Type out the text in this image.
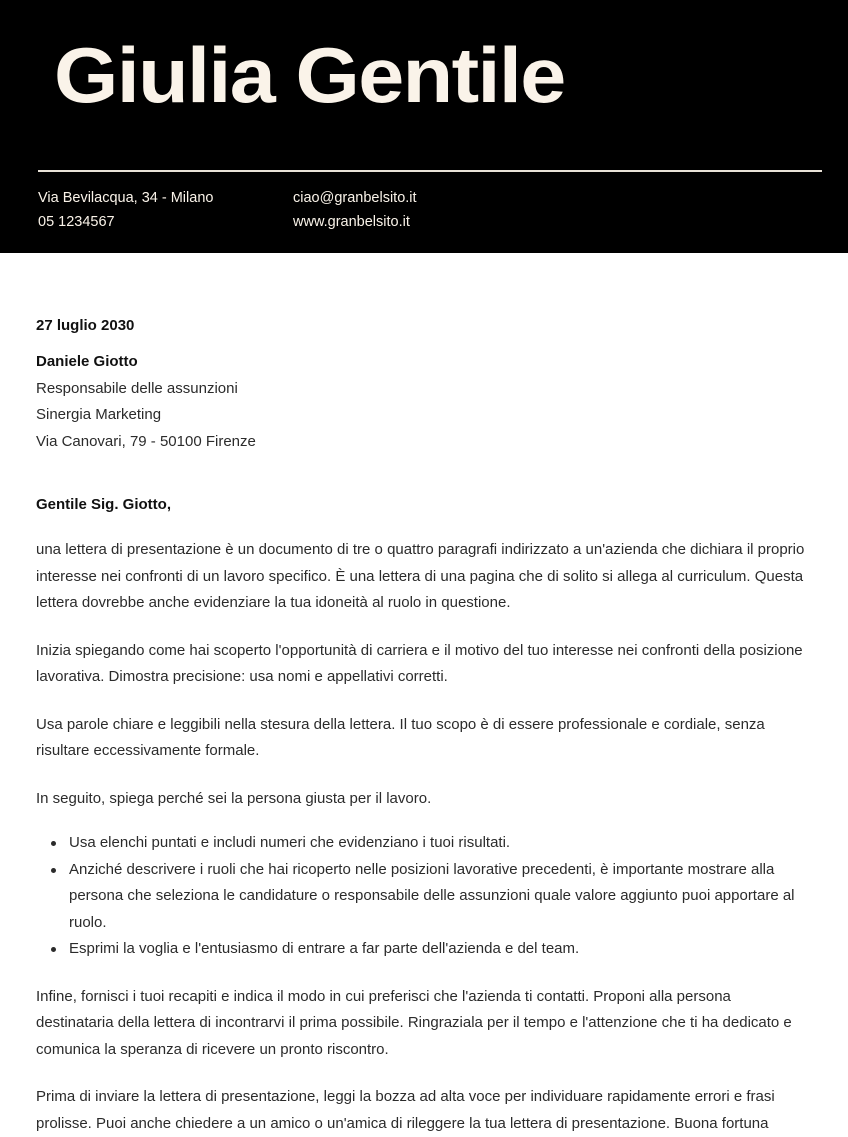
Giulia Gentile
Via Bevilacqua, 34 - Milano
05 1234567
ciao@granbelsito.it
www.granbelsito.it
27 luglio 2030
Daniele Giotto
Responsabile delle assunzioni
Sinergia Marketing
Via Canovari, 79 - 50100 Firenze
Gentile Sig. Giotto,

una lettera di presentazione è un documento di tre o quattro paragrafi indirizzato a un'azienda che dichiara il proprio interesse nei confronti di un lavoro specifico. È una lettera di una pagina che di solito si allega al curriculum. Questa lettera dovrebbe anche evidenziare la tua idoneità al ruolo in questione.

Inizia spiegando come hai scoperto l'opportunità di carriera e il motivo del tuo interesse nei confronti della posizione lavorativa. Dimostra precisione: usa nomi e appellativi corretti.

Usa parole chiare e leggibili nella stesura della lettera. Il tuo scopo è di essere professionale e cordiale, senza risultare eccessivamente formale.

In seguito, spiega perché sei la persona giusta per il lavoro.

Usa elenchi puntati e includi numeri che evidenziano i tuoi risultati.
Anziché descrivere i ruoli che hai ricoperto nelle posizioni lavorative precedenti, è importante mostrare alla persona che seleziona le candidature o responsabile delle assunzioni quale valore aggiunto puoi apportare al ruolo.
Esprimi la voglia e l'entusiasmo di entrare a far parte dell'azienda e del team.

Infine, fornisci i tuoi recapiti e indica il modo in cui preferisci che l'azienda ti contatti. Proponi alla persona destinataria della lettera di incontrarvi il prima possibile. Ringraziala per il tempo e l'attenzione che ti ha dedicato e comunica la speranza di ricevere un pronto riscontro.

Prima di inviare la lettera di presentazione, leggi la bozza ad alta voce per individuare rapidamente errori e frasi prolisse. Puoi anche chiedere a un amico o un'amica di rileggere la tua lettera di presentazione. Buona fortuna
